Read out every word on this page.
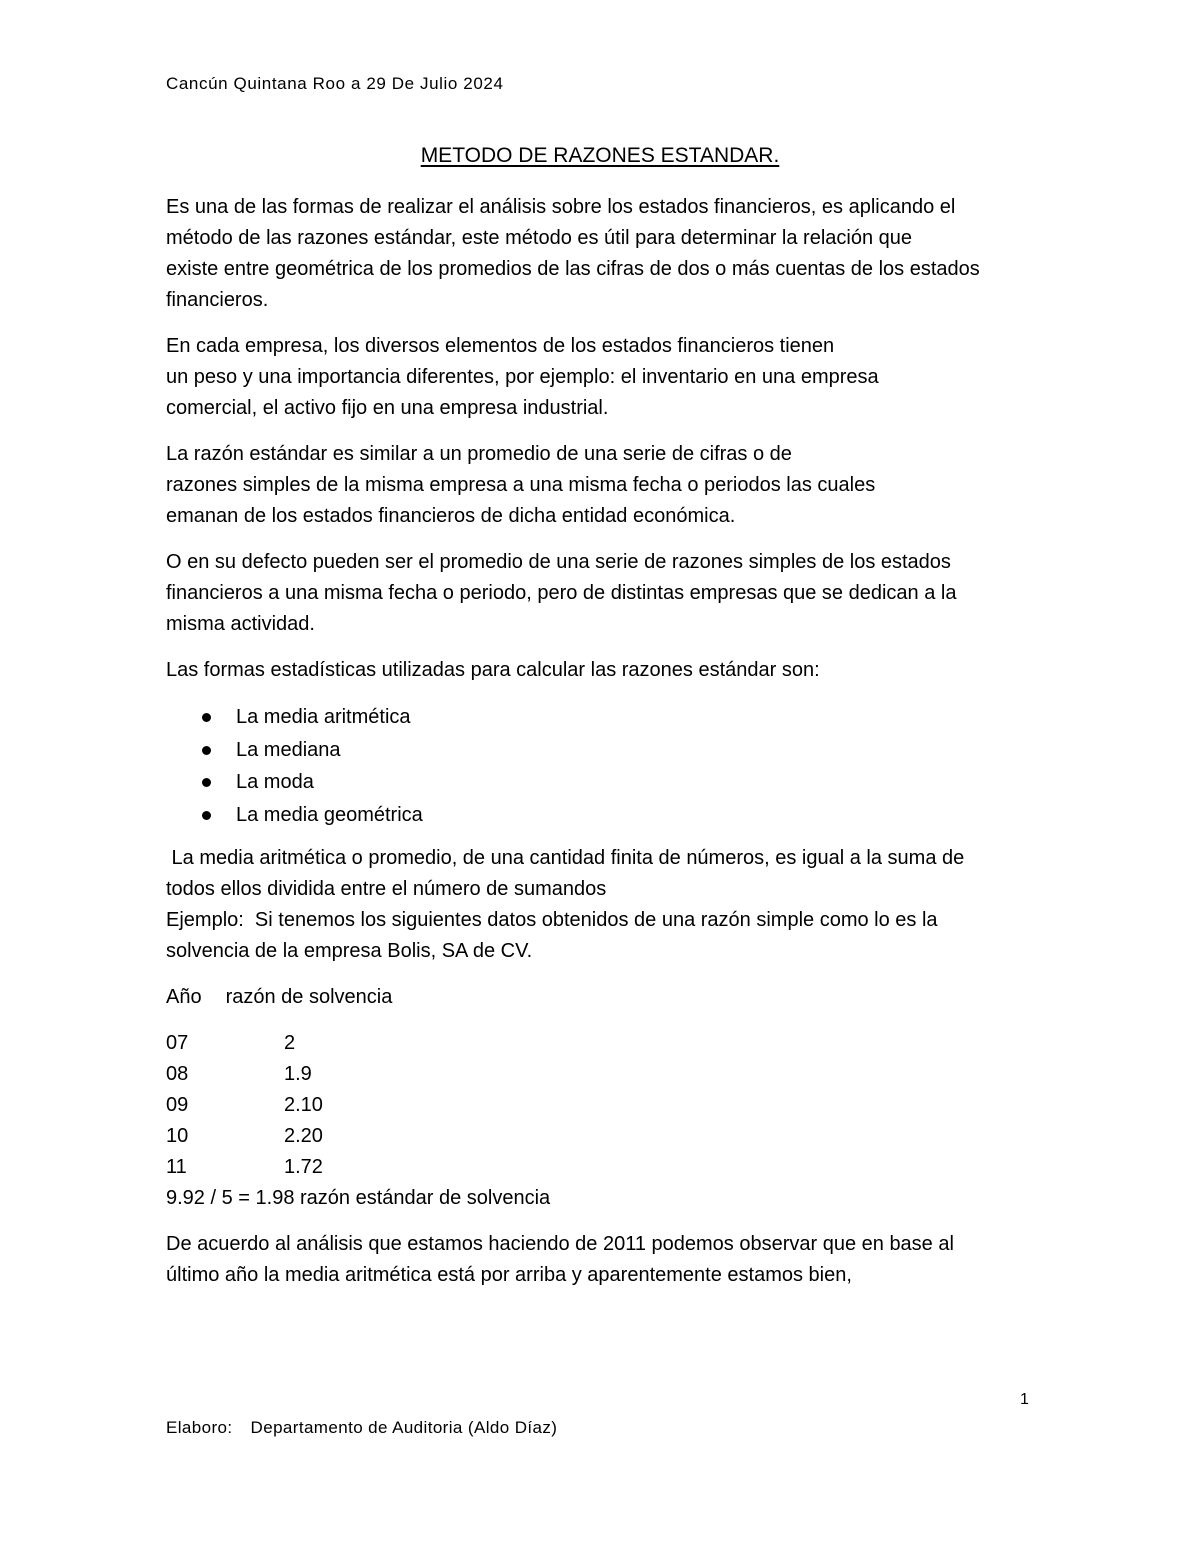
Cancún Quintana Roo a 29 De Julio 2024
METODO DE RAZONES ESTANDAR.

Es una de las formas de realizar el análisis sobre los estados financieros, es aplicando el
método de las razones estándar, este método es útil para determinar la relación que
existe entre geométrica de los promedios de las cifras de dos o más cuentas de los estados
financieros.

En cada empresa, los diversos elementos de los estados financieros tienen
un peso y una importancia diferentes, por ejemplo: el inventario en una empresa
comercial, el activo fijo en una empresa industrial.

La razón estándar es similar a un promedio de una serie de cifras o de
razones simples de la misma empresa a una misma fecha o periodos las cuales
emanan de los estados financieros de dicha entidad económica.

O en su defecto pueden ser el promedio de una serie de razones simples de los estados
financieros a una misma fecha o periodo, pero de distintas empresas que se dedican a la
misma actividad.

Las formas estadísticas utilizadas para calcular las razones estándar son:

La media aritmética
La mediana
La moda
La media geométrica

La media aritmética o promedio, de una cantidad finita de números, es igual a la suma de
todos ellos dividida entre el número de sumandos
Ejemplo:  Si tenemos los siguientes datos obtenidos de una razón simple como lo es la
solvencia de la empresa Bolis, SA de CV.

Año razón de solvencia
07	2
08	1.9
09	2.10
10	2.20
11	1.72

9.92 / 5 = 1.98 razón estándar de solvencia

De acuerdo al análisis que estamos haciendo de 2011 podemos observar que en base al
último año la media aritmética está por arriba y aparentemente estamos bien,

1
Elaboro: Departamento de Auditoria (Aldo Díaz)
